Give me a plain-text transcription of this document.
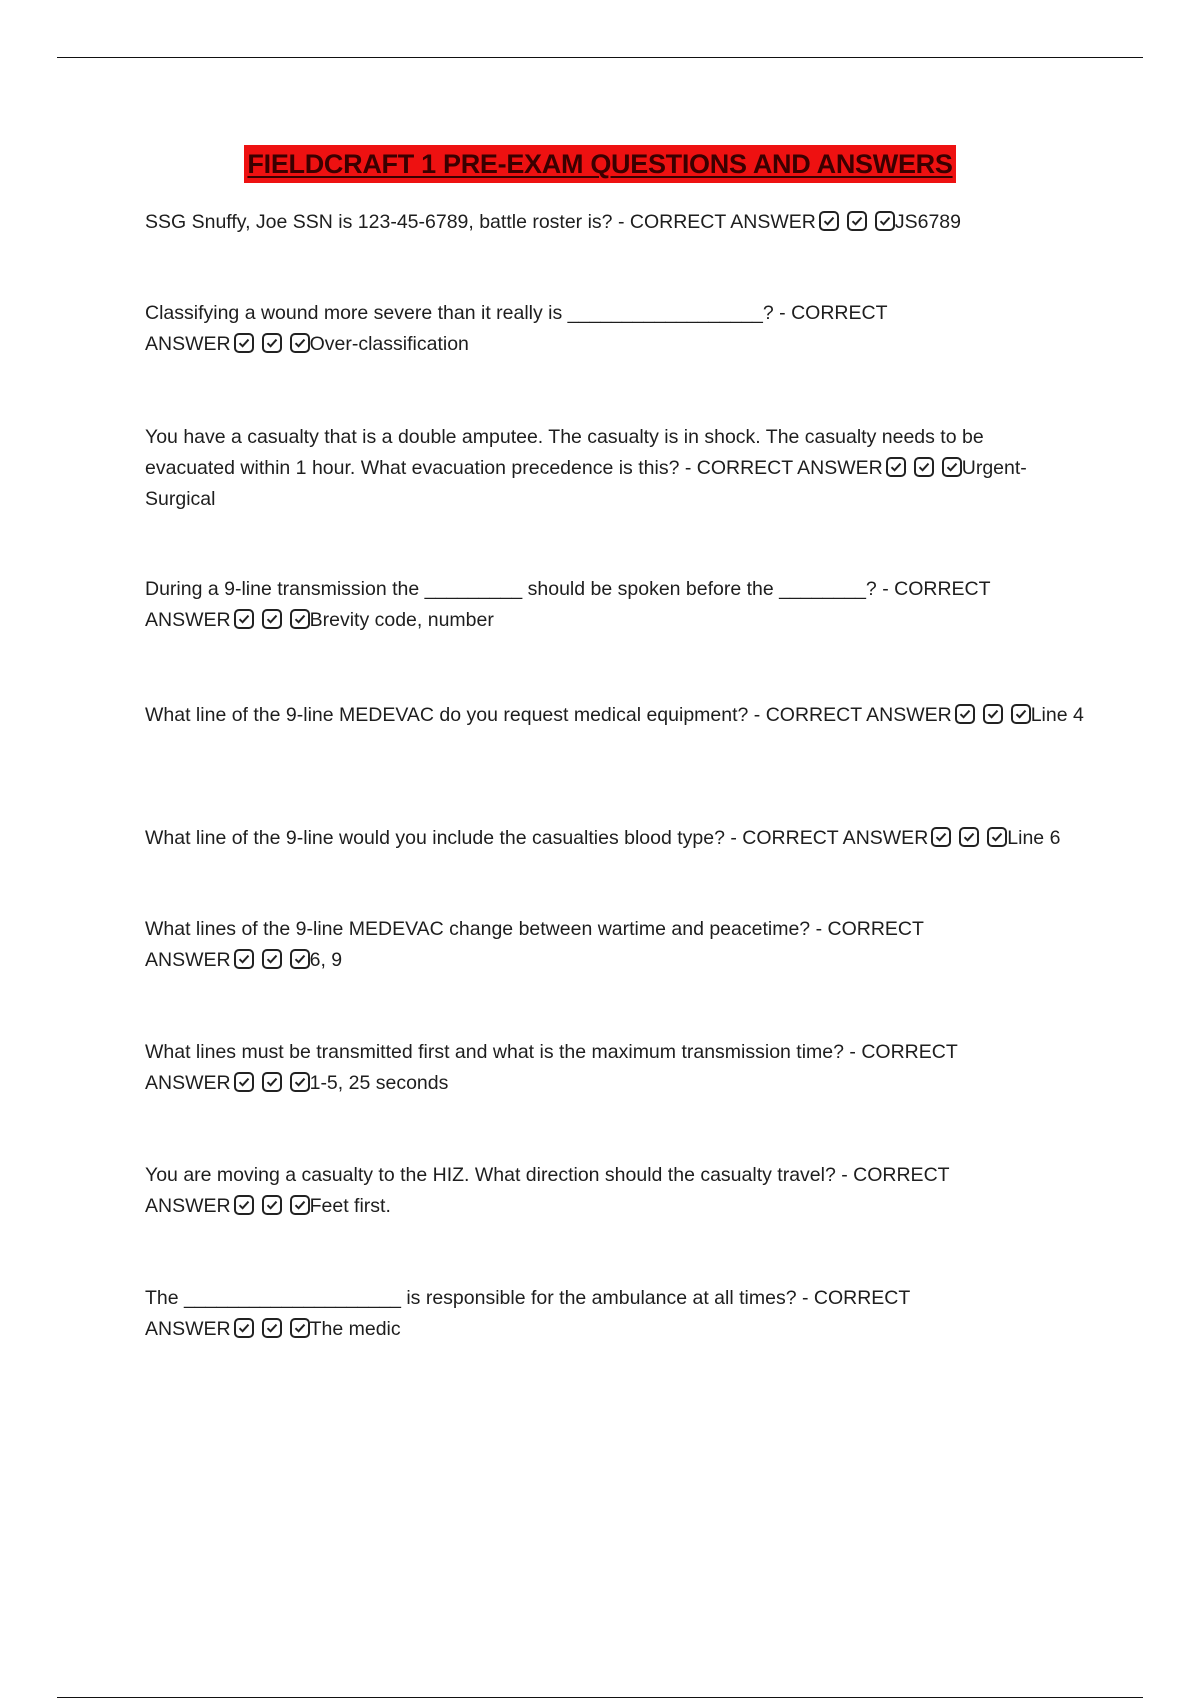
FIELDCRAFT 1 PRE-EXAM QUESTIONS AND ANSWERS
SSG Snuffy, Joe SSN is 123-45-6789, battle roster is? - CORRECT ANSWER	JS6789
Classifying a wound more severe than it really is __________________? - CORRECT ANSWER	Over-classification
You have a casualty that is a double amputee. The casualty is in shock. The casualty needs to be evacuated within 1 hour. What evacuation precedence is this? - CORRECT ANSWER	Urgent-Surgical
During a 9-line transmission the _________ should be spoken before the ________? - CORRECT ANSWER	Brevity code, number
What line of the 9-line MEDEVAC do you request medical equipment? - CORRECT ANSWER	Line 4
What line of the 9-line would you include the casualties blood type? - CORRECT ANSWER	Line 6
What lines of the 9-line MEDEVAC change between wartime and peacetime? - CORRECT ANSWER	6, 9
What lines must be transmitted first and what is the maximum transmission time? - CORRECT ANSWER	1-5, 25 seconds
You are moving a casualty to the HIZ. What direction should the casualty travel? - CORRECT ANSWER	Feet first.
The ____________________ is responsible for the ambulance at all times? - CORRECT ANSWER	The medic
